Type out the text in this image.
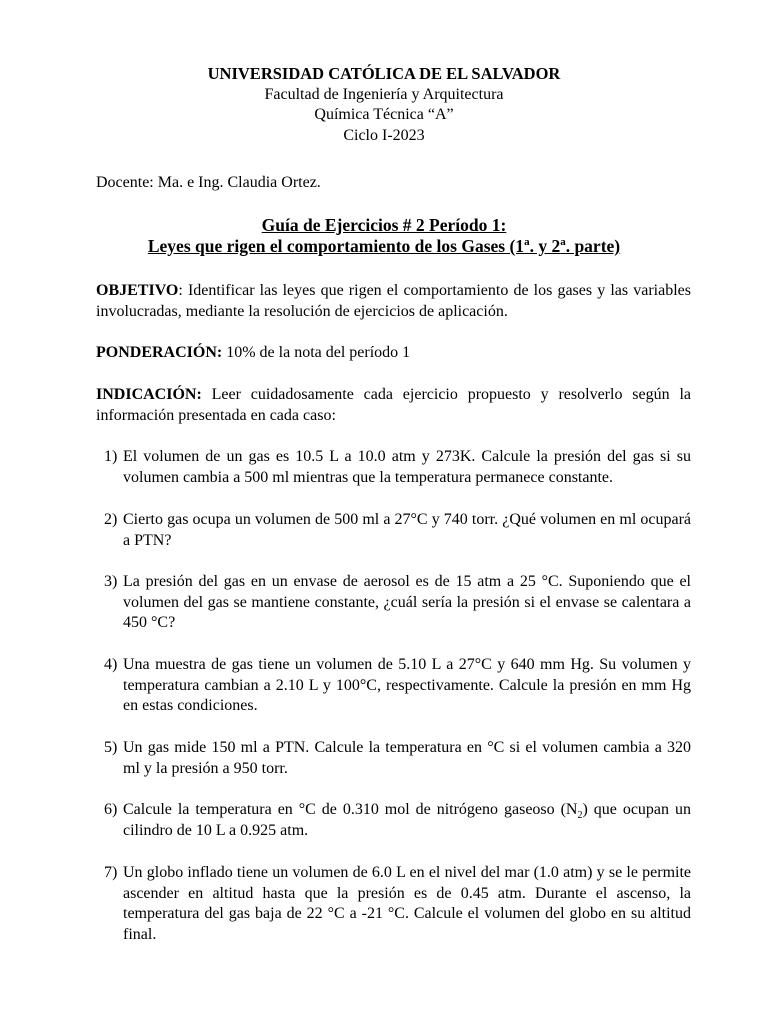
UNIVERSIDAD CATÓLICA DE EL SALVADOR
Facultad de Ingeniería y Arquitectura
Química Técnica “A”
Ciclo I-2023
Docente: Ma. e Ing. Claudia Ortez.
Guía de Ejercicios # 2 Período 1:
Leyes que rigen el comportamiento de los Gases (1$^a$. y 2$^a$. parte)
OBJETIVO: Identificar las leyes que rigen el comportamiento de los gases y las variables involucradas, mediante la resolución de ejercicios de aplicación.
PONDERACIÓN: 10% de la nota del período 1
INDICACIÓN: Leer cuidadosamente cada ejercicio propuesto y resolverlo según la información presentada en cada caso:
1) El volumen de un gas es 10.5 L a 10.0 atm y 273K. Calcule la presión del gas si su volumen cambia a 500 ml mientras que la temperatura permanece constante.
2) Cierto gas ocupa un volumen de 500 ml a 27°C y 740 torr. ¿Qué volumen en ml ocupará a PTN?
3) La presión del gas en un envase de aerosol es de 15 atm a 25 °C. Suponiendo que el volumen del gas se mantiene constante, ¿cuál sería la presión si el envase se calentara a 450 °C?
4) Una muestra de gas tiene un volumen de 5.10 L a 27°C y 640 mm Hg. Su volumen y temperatura cambian a 2.10 L y 100°C, respectivamente. Calcule la presión en mm Hg en estas condiciones.
5) Un gas mide 150 ml a PTN. Calcule la temperatura en °C si el volumen cambia a 320 ml y la presión a 950 torr.
6) Calcule la temperatura en °C de 0.310 mol de nitrógeno gaseoso $(N_2)$ que ocupan un cilindro de 10 L a 0.925 atm.
7) Un globo inflado tiene un volumen de 6.0 L en el nivel del mar (1.0 atm) y se le permite ascender en altitud hasta que la presión es de 0.45 atm. Durante el ascenso, la temperatura del gas baja de 22 °C a -21 °C. Calcule el volumen del globo en su altitud final.
